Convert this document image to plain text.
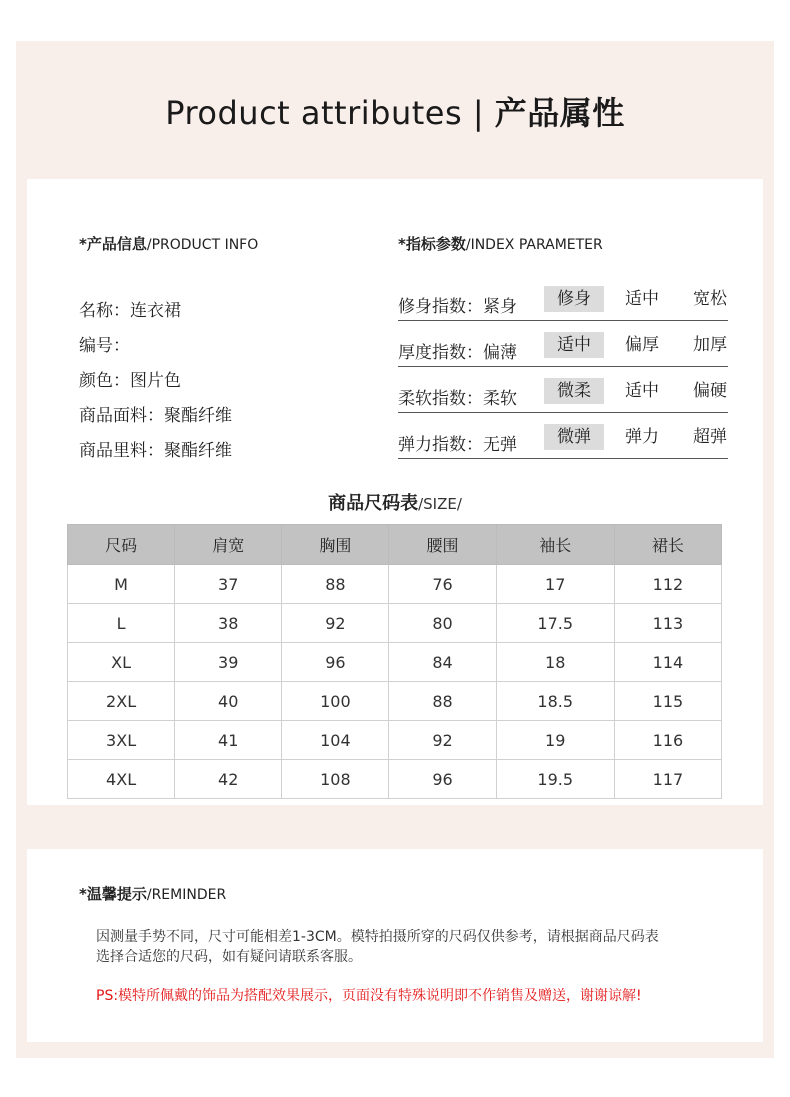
Product attributes | 产品属性
*产品信息/PRODUCT INFO
名称：连衣裙
编号：
颜色：图片色
商品面料：聚酯纤维
商品里料：聚酯纤维
*指标参数/INDEX PARAMETER
修身指数：紧身	修身	适中	宽松
厚度指数：偏薄	适中	偏厚	加厚
柔软指数：柔软	微柔	适中	偏硬
弹力指数：无弹	微弹	弹力	超弹
商品尺码表/SIZE/
尺码	肩宽	胸围	腰围	袖长	裙长
M	37	88	76	17	112
L	38	92	80	17.5	113
XL	39	96	84	18	114
2XL	40	100	88	18.5	115
3XL	41	104	92	19	116
4XL	42	108	96	19.5	117
*温馨提示/REMINDER
因测量手势不同，尺寸可能相差1-3CM。模特拍摄所穿的尺码仅供参考，请根据商品尺码表
选择合适您的尺码，如有疑问请联系客服。
PS:模特所佩戴的饰品为搭配效果展示，页面没有特殊说明即不作销售及赠送，谢谢谅解!
